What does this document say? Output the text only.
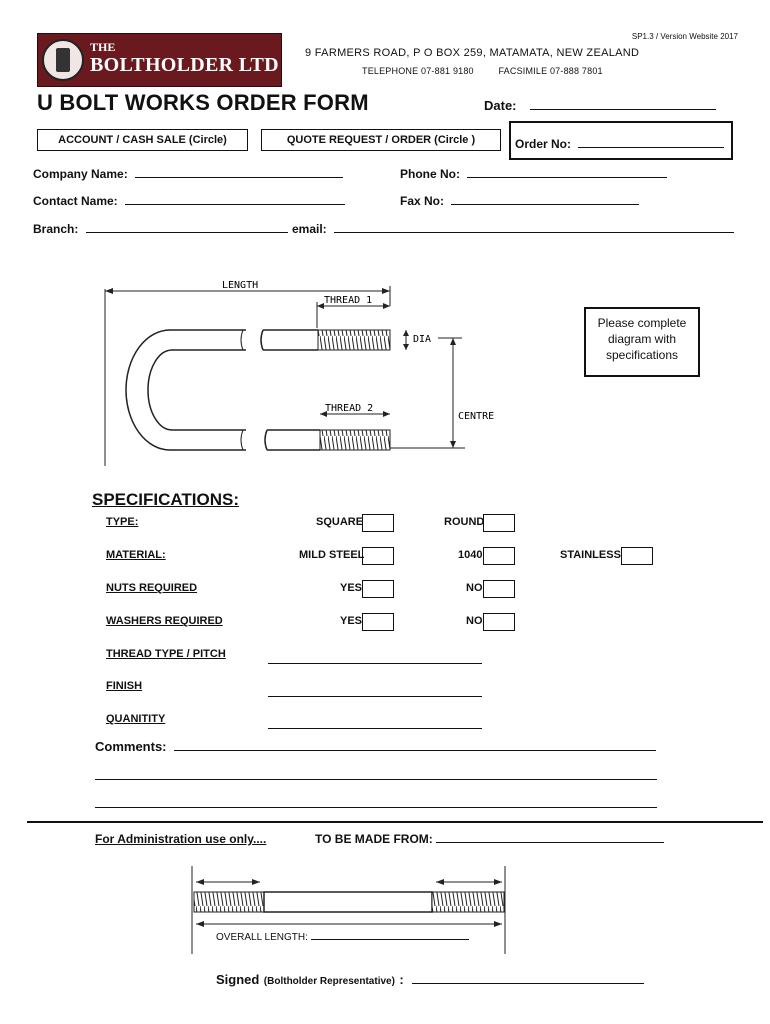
SP1.3 / Version Website 2017
THE
BOLTHOLDER LTD
9 FARMERS ROAD, P O BOX 259, MATAMATA, NEW ZEALAND
TELEPHONE 07-881 9180	FACSIMILE 07-888 7801
U BOLT WORKS ORDER FORM	Date:
ACCOUNT / CASH SALE (Circle)	QUOTE REQUEST / ORDER (Circle )	Order No:
Company Name:	Phone No:
Contact Name:	Fax No:
Branch:	email:
LENGTH
THREAD 1
THREAD 2
DIA
CENTRE
Please complete diagram with specifications
SPECIFICATIONS:
TYPE:	SQUARE	ROUND
MATERIAL:	MILD STEEL	1040	STAINLESS
NUTS REQUIRED	YES	NO
WASHERS REQUIRED	YES	NO
THREAD TYPE / PITCH
FINISH
QUANITITY
Comments:
For Administration use only....	TO BE MADE FROM:
OVERALL LENGTH:
Signed (Boltholder Representative) :
